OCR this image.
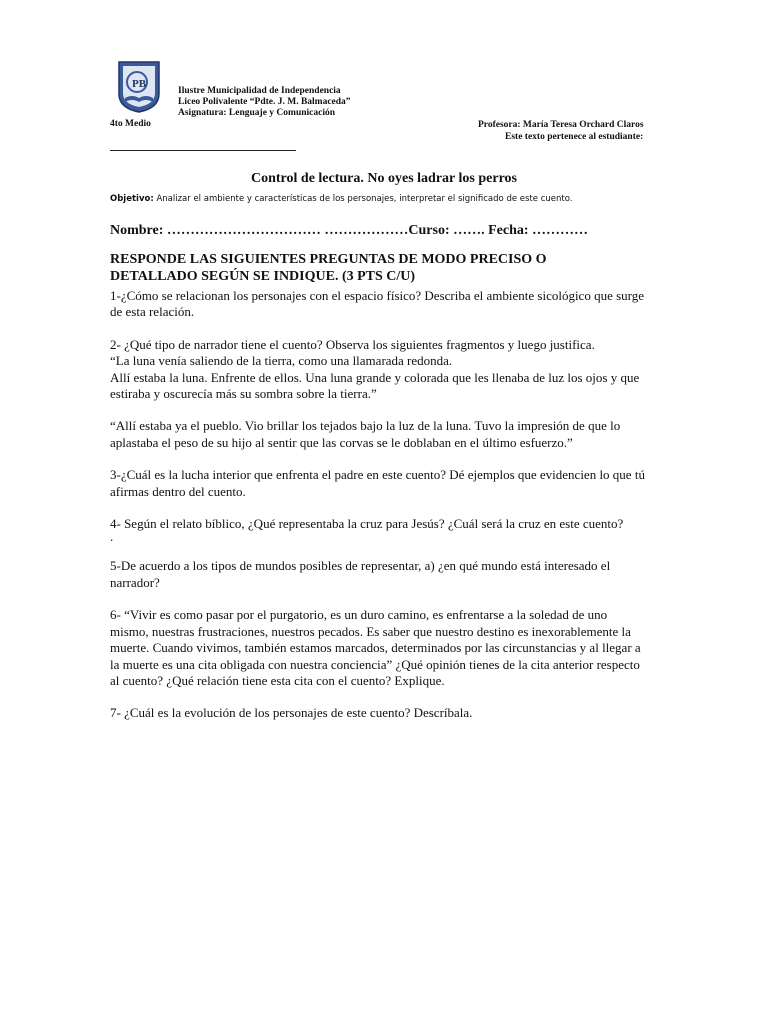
PB
Ilustre Municipalidad de Independencia
Liceo Polivalente “Pdte. J. M. Balmaceda”
Asignatura: Lenguaje y Comunicación
4to Medio	Profesora: María Teresa Orchard Claros
Este texto pertenece al estudiante:
Control de lectura. No oyes ladrar los perros
Objetivo: Analizar el ambiente y características de los personajes, interpretar el significado de este cuento.
Nombre: …………………………… ………………Curso: ……. Fecha: …………
RESPONDE LAS SIGUIENTES PREGUNTAS DE MODO PRECISO O DETALLADO SEGÚN SE INDIQUE. (3 PTS C/U)

1-¿Cómo se relacionan los personajes con el espacio físico? Describa el ambiente sicológico que surge de esta relación.

2- ¿Qué tipo de narrador tiene el cuento? Observa los siguientes fragmentos y luego justifica.
“La luna venía saliendo de la tierra, como una llamarada redonda.
Allí estaba la luna. Enfrente de ellos. Una luna grande y colorada que les llenaba de luz los ojos y que estiraba y oscurecía más su sombra sobre la tierra.”

“Allí estaba ya el pueblo. Vio brillar los tejados bajo la luz de la luna. Tuvo la impresión de que lo aplastaba el peso de su hijo al sentir que las corvas se le doblaban en el último esfuerzo.”

3-¿Cuál es la lucha interior que enfrenta el padre en este cuento? Dé ejemplos que evidencien lo que tú afirmas dentro del cuento.

4- Según el relato bíblico, ¿Qué representaba la cruz para Jesús? ¿Cuál será la cruz en este cuento?

.

5-De acuerdo a los tipos de mundos posibles de representar, a) ¿en qué mundo está interesado el narrador?

6- “Vivir es como pasar por el purgatorio, es un duro camino, es enfrentarse a la soledad de uno mismo, nuestras frustraciones, nuestros pecados. Es saber que nuestro destino es inexorablemente la muerte. Cuando vivimos, también estamos marcados, determinados por las circunstancias y al llegar a la muerte es una cita obligada con nuestra conciencia” ¿Qué opinión tienes de la cita anterior respecto al cuento? ¿Qué relación tiene esta cita con el cuento? Explique.

7- ¿Cuál es la evolución de los personajes de este cuento? Descríbala.
